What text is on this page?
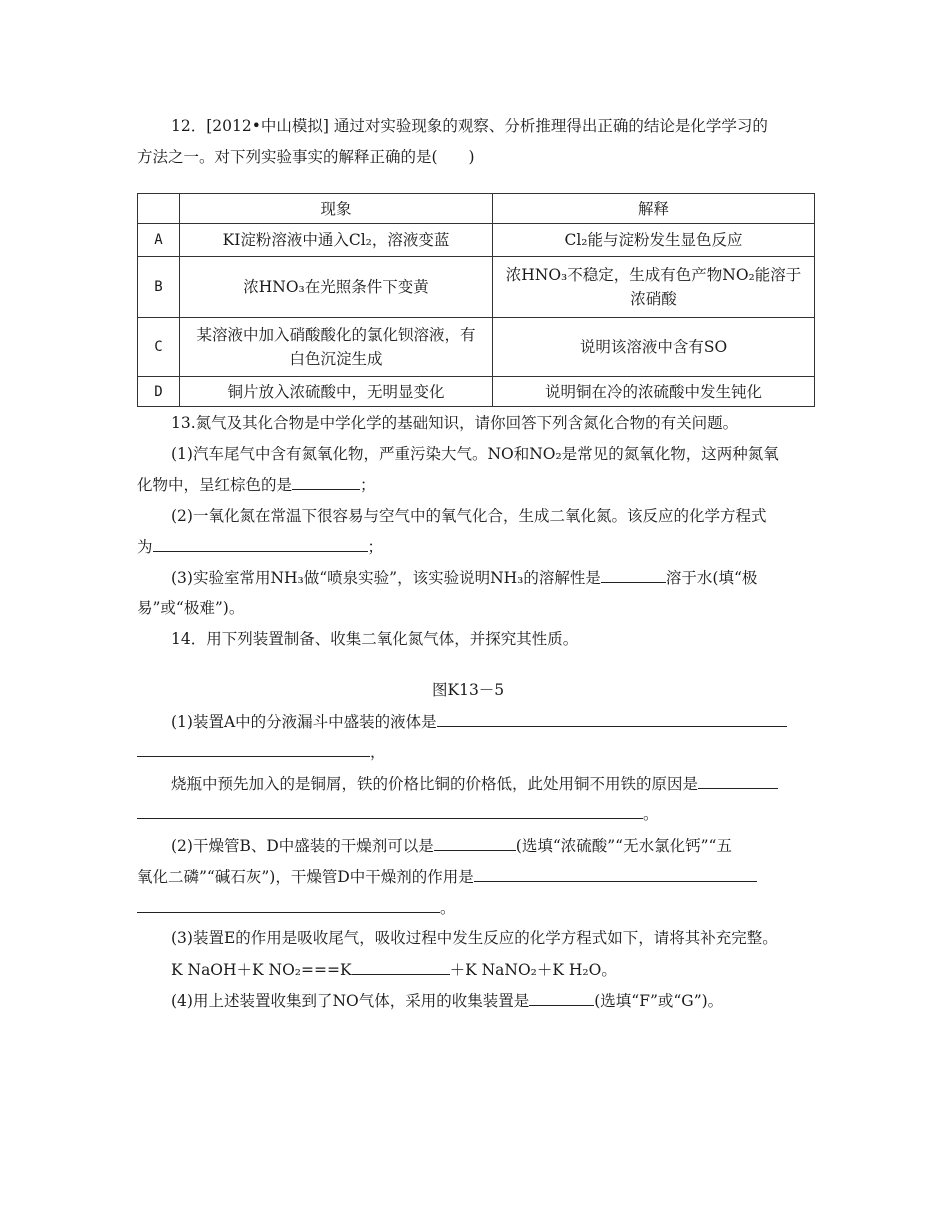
12．[2012•中山模拟] 通过对实验现象的观察、分析推理得出正确的结论是化学学习的
方法之一。对下列实验事实的解释正确的是(　　)
	现象	解释
A	KI淀粉溶液中通入Cl₂，溶液变蓝	Cl₂能与淀粉发生显色反应
B	浓HNO₃在光照条件下变黄	浓HNO₃不稳定，生成有色产物NO₂能溶于
浓硝酸

C	某溶液中加入硝酸酸化的氯化钡溶液，有
白色沉淀生成	说明该溶液中含有SO
D	铜片放入浓硫酸中，无明显变化	说明铜在冷的浓硫酸中发生钝化
13.氮气及其化合物是中学化学的基础知识，请你回答下列含氮化合物的有关问题。
(1)汽车尾气中含有氮氧化物，严重污染大气。NO和NO₂是常见的氮氧化物，这两种氮氧
化物中，呈红棕色的是	；
(2)一氧化氮在常温下很容易与空气中的氧气化合，生成二氧化氮。该反应的化学方程式
为	；
(3)实验室常用NH₃做“喷泉实验”，该实验说明NH₃的溶解性是	溶于水(填“极
易”或“极难”)。
14．用下列装置制备、收集二氧化氮气体，并探究其性质。
图K13－5
(1)装置A中的分液漏斗中盛装的液体是
，
烧瓶中预先加入的是铜屑，铁的价格比铜的价格低，此处用铜不用铁的原因是
。
(2)干燥管B、D中盛装的干燥剂可以是	(选填“浓硫酸”“无水氯化钙”“五
氧化二磷”“碱石灰”)，干燥管D中干燥剂的作用是
。
(3)装置E的作用是吸收尾气，吸收过程中发生反应的化学方程式如下，请将其补充完整。
K NaOH＋K NO₂===K	＋K NaNO₂＋K H₂O。
(4)用上述装置收集到了NO气体，采用的收集装置是	(选填“F”或“G”)。
